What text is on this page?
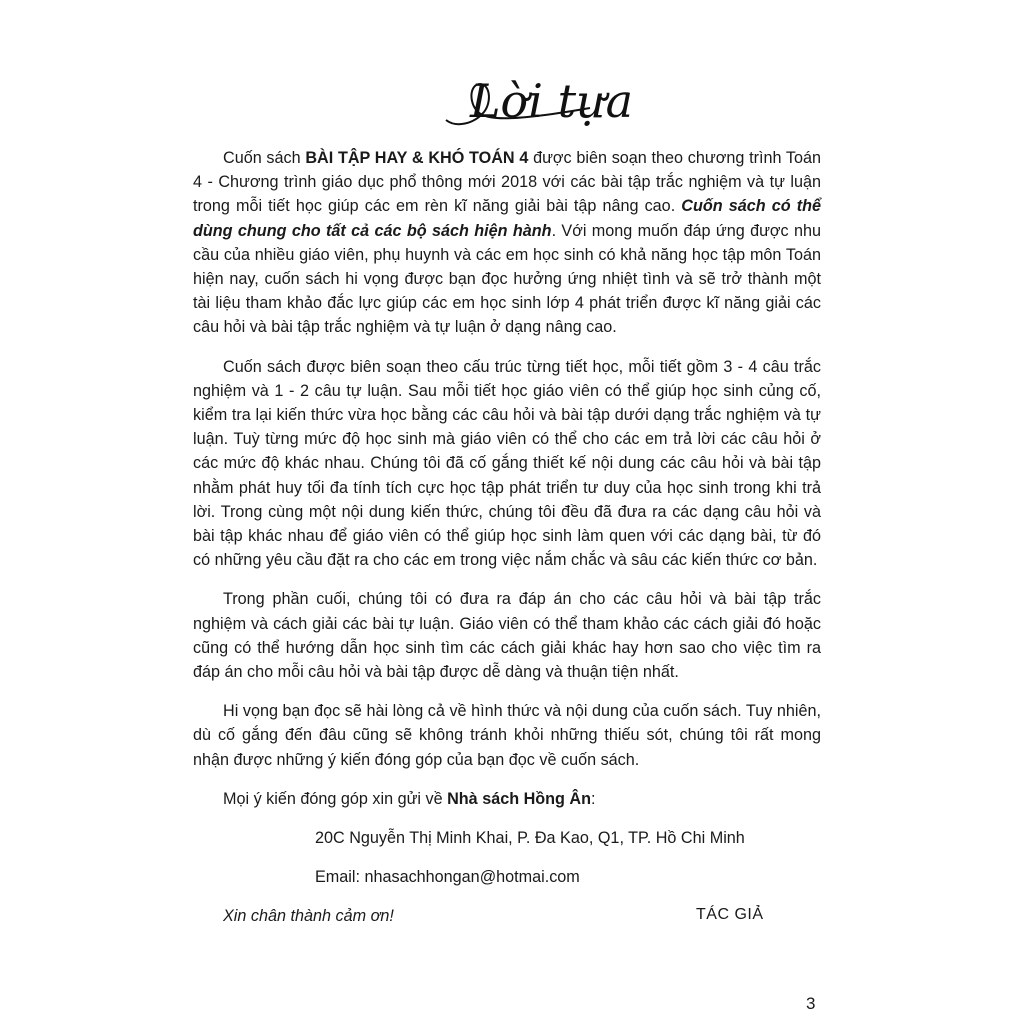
Lời tựa

Cuốn sách BÀI TẬP HAY & KHÓ TOÁN 4 được biên soạn theo chương trình Toán 4 - Chương trình giáo dục phổ thông mới 2018 với các bài tập trắc nghiệm và tự luận trong mỗi tiết học giúp các em rèn kĩ năng giải bài tập nâng cao. Cuốn sách có thể dùng chung cho tất cả các bộ sách hiện hành. Với mong muốn đáp ứng được nhu cầu của nhiều giáo viên, phụ huynh và các em học sinh có khả năng học tập môn Toán hiện nay, cuốn sách hi vọng được bạn đọc hưởng ứng nhiệt tình và sẽ trở thành một tài liệu tham khảo đắc lực giúp các em học sinh lớp 4 phát triển được kĩ năng giải các câu hỏi và bài tập trắc nghiệm và tự luận ở dạng nâng cao.

Cuốn sách được biên soạn theo cấu trúc từng tiết học, mỗi tiết gồm 3 - 4 câu trắc nghiệm và 1 - 2 câu tự luận. Sau mỗi tiết học giáo viên có thể giúp học sinh củng cố, kiểm tra lại kiến thức vừa học bằng các câu hỏi và bài tập dưới dạng trắc nghiệm và tự luận. Tuỳ từng mức độ học sinh mà giáo viên có thể cho các em trả lời các câu hỏi ở các mức độ khác nhau. Chúng tôi đã cố gắng thiết kế nội dung các câu hỏi và bài tập nhằm phát huy tối đa tính tích cực học tập phát triển tư duy của học sinh trong khi trả lời. Trong cùng một nội dung kiến thức, chúng tôi đều đã đưa ra các dạng câu hỏi và bài tập khác nhau để giáo viên có thể giúp học sinh làm quen với các dạng bài, từ đó có những yêu cầu đặt ra cho các em trong việc nắm chắc và sâu các kiến thức cơ bản.

Trong phần cuối, chúng tôi có đưa ra đáp án cho các câu hỏi và bài tập trắc nghiệm và cách giải các bài tự luận. Giáo viên có thể tham khảo các cách giải đó hoặc cũng có thể hướng dẫn học sinh tìm các cách giải khác hay hơn sao cho việc tìm ra đáp án cho mỗi câu hỏi và bài tập được dễ dàng và thuận tiện nhất.

Hi vọng bạn đọc sẽ hài lòng cả về hình thức và nội dung của cuốn sách. Tuy nhiên, dù cố gắng đến đâu cũng sẽ không tránh khỏi những thiếu sót, chúng tôi rất mong nhận được những ý kiến đóng góp của bạn đọc về cuốn sách.

Mọi ý kiến đóng góp xin gửi về Nhà sách Hồng Ân:

20C Nguyễn Thị Minh Khai, P. Đa Kao, Q1, TP. Hồ Chi Minh

Email: nhasachhongan@hotmai.com

Xin chân thành cảm ơn!	TÁC GIẢ
3
